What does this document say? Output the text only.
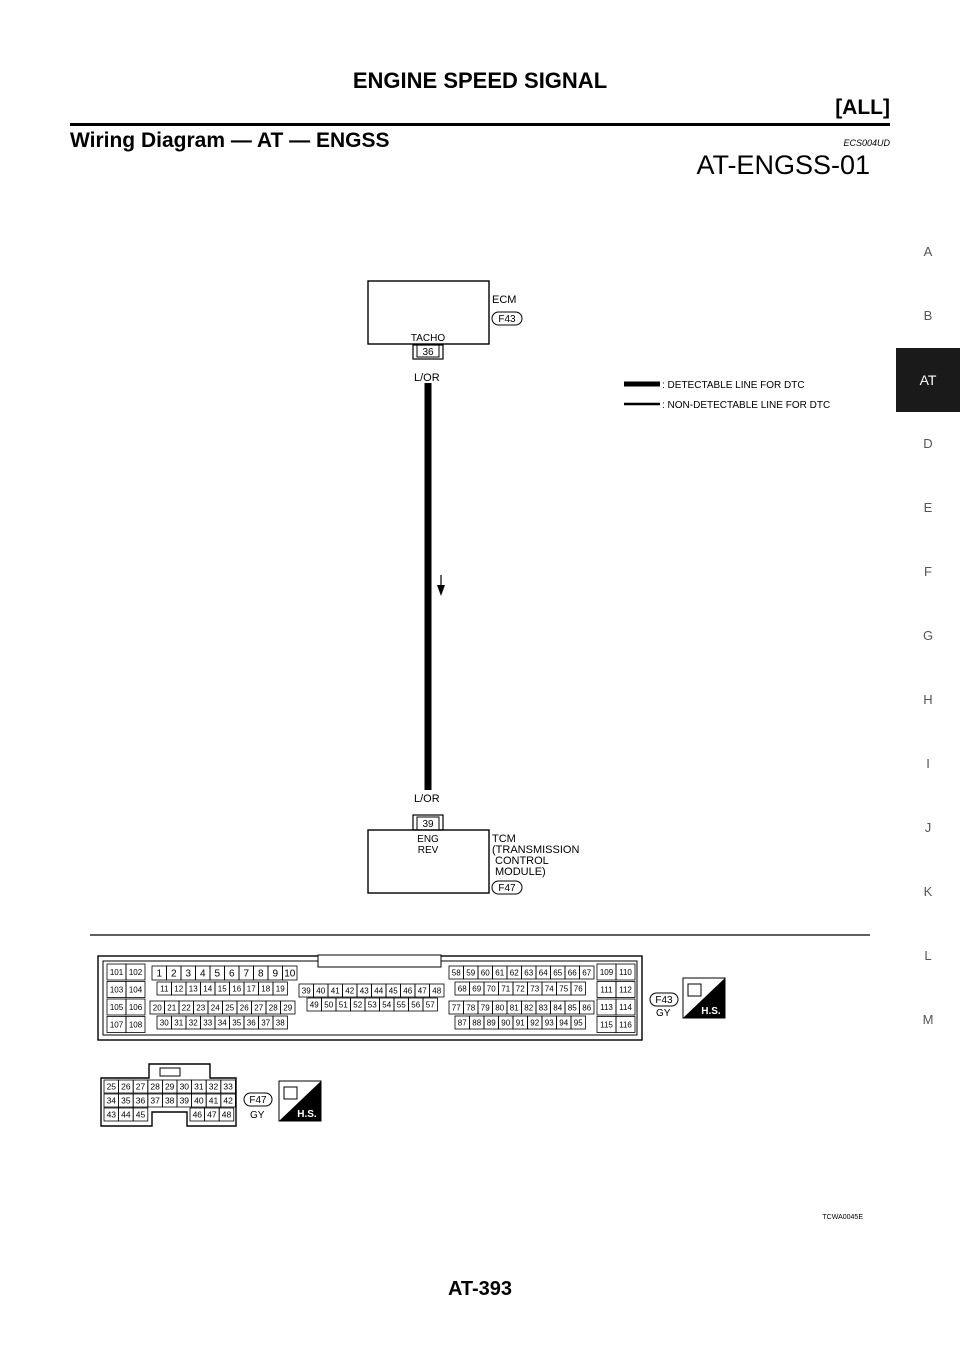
ENGINE SPEED SIGNAL
[ALL]
Wiring Diagram — AT — ENGSS	ECS004UD
AT-ENGSS-01
A
B
AT
D
E
F
G
H
I
J
K
L
M
ECM
F43
TACHO
36
L/OR
L/OR
39
ENG
REV
TCM
(TRANSMISSION
CONTROL
MODULE)
F47
: DETECTABLE LINE FOR DTC
: NON-DETECTABLE LINE FOR DTC
101 102
103 104
105 106
107 108
1 2 3 4 5 6 7 8 9 10
11 12 13 14 15 16 17 18 19
20 21 22 23 24 25 26 27 28 29
30 31 32 33 34 35 36 37 38
39 40 41 42 43 44 45 46 47 48
49 50 51 52 53 54 55 56 57
58 59 60 61 62 63 64 65 66 67
68 69 70 71 72 73 74 75 76
77 78 79 80 81 82 83 84 85 86
87 88 89 90 91 92 93 94 95
109 110
111 112
113 114
115 116
F43
GY	H.S.
25 26 27 28 29 30 31 32 33
34 35 36 37 38 39 40 41 42
43 44 45	46 47 48
F47
GY	H.S.
TCWA0045E
AT-393
